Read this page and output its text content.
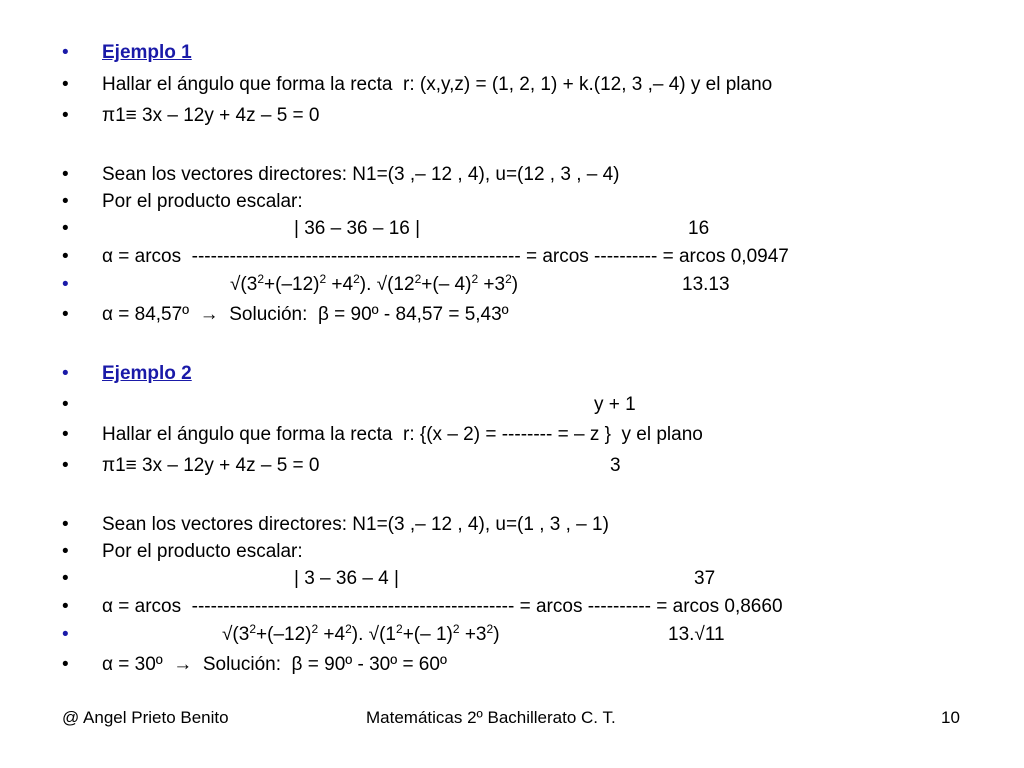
•	Ejemplo 1
•	Hallar el ángulo que forma la recta  r: (x,y,z) = (1, 2, 1) + k.(12, 3 ,– 4) y el plano
•	π1≡ 3x – 12y + 4z – 5 = 0
•	Sean los vectores directores: N1=(3 ,– 12 , 4), u=(12 , 3 , – 4)
•	Por el producto escalar:
•	| 36 – 36 – 16 |	16
•	α = arcos  ---------------------------------------------------- = arcos ---------- = arcos 0,0947
•	$√(3^2+(-12)^2 +4^2)$. $√(12^2+(-$ $4)^2 +3^2$)	13.13
•	α = 84,57º  →  Solución:  β = 90º - 84,57 = 5,43º
•	Ejemplo 2
•	y + 1
•	Hallar el ángulo que forma la recta  r: {(x – 2) = -------- = – z }  y el plano
•	π1≡ 3x – 12y + 4z – 5 = 0	3
•	Sean los vectores directores: N1=(3 ,– 12 , 4), u=(1 , 3 , – 1)
•	Por el producto escalar:
•	| 3 – 36 – 4 |	37
•	α = arcos  --------------------------------------------------- = arcos ---------- = arcos 0,8660
•	$√(3^2+(-12)^2 +4^2)$. $√(1^2+(-$ $1)^2 +3^2$)	13.√11
•	α = 30º  →  Solución:  β = 90º - 30º = 60º
@ Angel Prieto Benito	Matemáticas 2º Bachillerato C. T.	10
